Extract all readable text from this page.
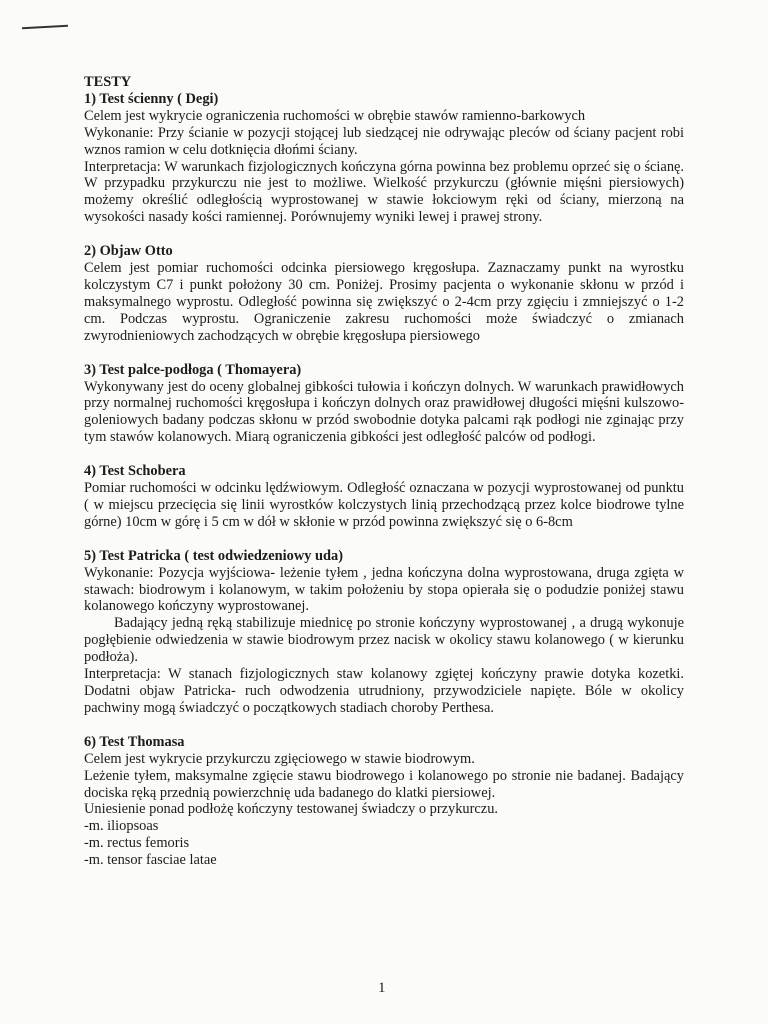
TESTY
1) Test ścienny ( Degi)

Celem jest wykrycie ograniczenia ruchomości w obrębie stawów ramienno-barkowych

Wykonanie: Przy ścianie w pozycji stojącej lub siedzącej nie odrywając pleców od ściany pacjent robi wznos ramion w celu dotknięcia dłońmi ściany.

Interpretacja: W warunkach fizjologicznych kończyna górna powinna bez problemu oprzeć się o ścianę. W przypadku przykurczu nie jest to możliwe. Wielkość przykurczu (głównie mięśni piersiowych) możemy określić odległością wyprostowanej w stawie łokciowym ręki od ściany, mierzoną na wysokości nasady kości ramiennej. Porównujemy wyniki lewej i prawej strony.

2) Objaw Otto

Celem jest pomiar ruchomości odcinka piersiowego kręgosłupa. Zaznaczamy punkt na wyrostku kolczystym C7 i punkt położony 30 cm. Poniżej. Prosimy pacjenta o wykonanie skłonu w przód i maksymalnego wyprostu. Odległość powinna się zwiększyć o 2-4cm przy zgięciu i zmniejszyć o 1-2 cm. Podczas wyprostu. Ograniczenie zakresu ruchomości może świadczyć o zmianach zwyrodnieniowych zachodzących w obrębie kręgosłupa piersiowego

3) Test palce-podłoga ( Thomayera)

Wykonywany jest do oceny globalnej gibkości tułowia i kończyn dolnych. W warunkach prawidłowych przy normalnej ruchomości kręgosłupa i kończyn dolnych oraz prawidłowej długości mięśni kulszowo-goleniowych badany podczas skłonu w przód swobodnie dotyka palcami rąk podłogi nie zginając przy tym stawów kolanowych. Miarą ograniczenia gibkości jest odległość palców od podłogi.

4) Test Schobera

Pomiar ruchomości w odcinku lędźwiowym. Odległość oznaczana w pozycji wyprostowanej od punktu ( w miejscu przecięcia się linii wyrostków kolczystych linią przechodzącą przez kolce biodrowe tylne górne) 10cm w górę i 5 cm w dół w skłonie w przód powinna zwiększyć się o 6-8cm

5) Test Patricka ( test odwiedzeniowy uda)

Wykonanie: Pozycja wyjściowa- leżenie tyłem , jedna kończyna dolna wyprostowana, druga zgięta w stawach: biodrowym i kolanowym, w takim położeniu by stopa opierała się o podudzie poniżej stawu kolanowego kończyny wyprostowanej.

Badający jedną ręką stabilizuje miednicę po stronie kończyny wyprostowanej , a drugą wykonuje pogłębienie odwiedzenia w stawie biodrowym przez nacisk w okolicy stawu kolanowego ( w kierunku podłoża).

Interpretacja: W stanach fizjologicznych staw kolanowy zgiętej kończyny prawie dotyka kozetki. Dodatni objaw Patricka- ruch odwodzenia utrudniony, przywodziciele napięte. Bóle w okolicy pachwiny mogą świadczyć o początkowych stadiach choroby Perthesa.

6) Test Thomasa

Celem jest wykrycie przykurczu zgięciowego w stawie biodrowym.

Leżenie tyłem, maksymalne zgięcie stawu biodrowego i kolanowego po stronie nie badanej. Badający dociska ręką przednią powierzchnię uda badanego do klatki piersiowej.

Uniesienie ponad podłożę kończyny testowanej świadczy o przykurczu.

-m. iliopsoas
-m. rectus femoris
-m. tensor fasciae latae
1
